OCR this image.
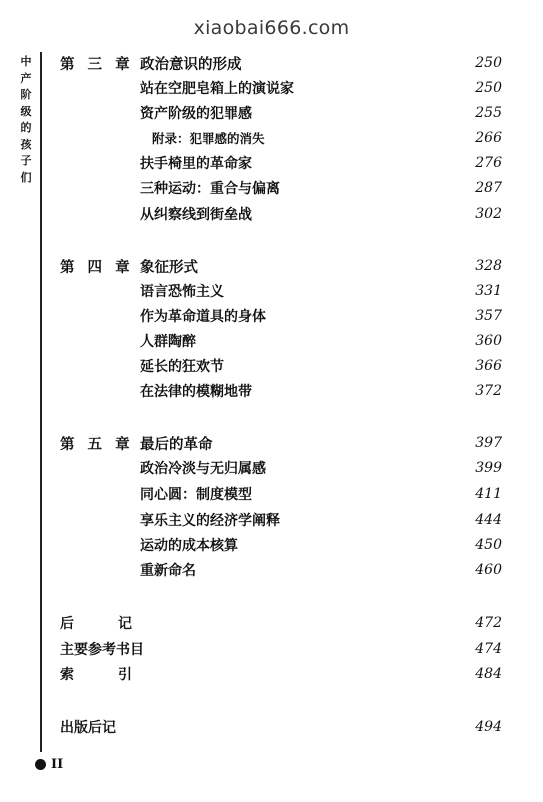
xiaobai666.com
中
产
阶
级
的
孩
子
们
第 三 章 政治意识的形成	250
站在空肥皂箱上的演说家	250
资产阶级的犯罪感	255
附录：犯罪感的消失	266
扶手椅里的革命家	276
三种运动：重合与偏离	287
从纠察线到街垒战	302
第 四 章 象征形式	328
语言恐怖主义	331
作为革命道具的身体	357
人群陶醉	360
延长的狂欢节	366
在法律的模糊地带	372
第 五 章 最后的革命	397
政治冷淡与无归属感	399
同心圆：制度模型	411
享乐主义的经济学阐释	444
运动的成本核算	450
重新命名	460
后记	472
主要参考书目	474
索引	484
出版后记	494
II
